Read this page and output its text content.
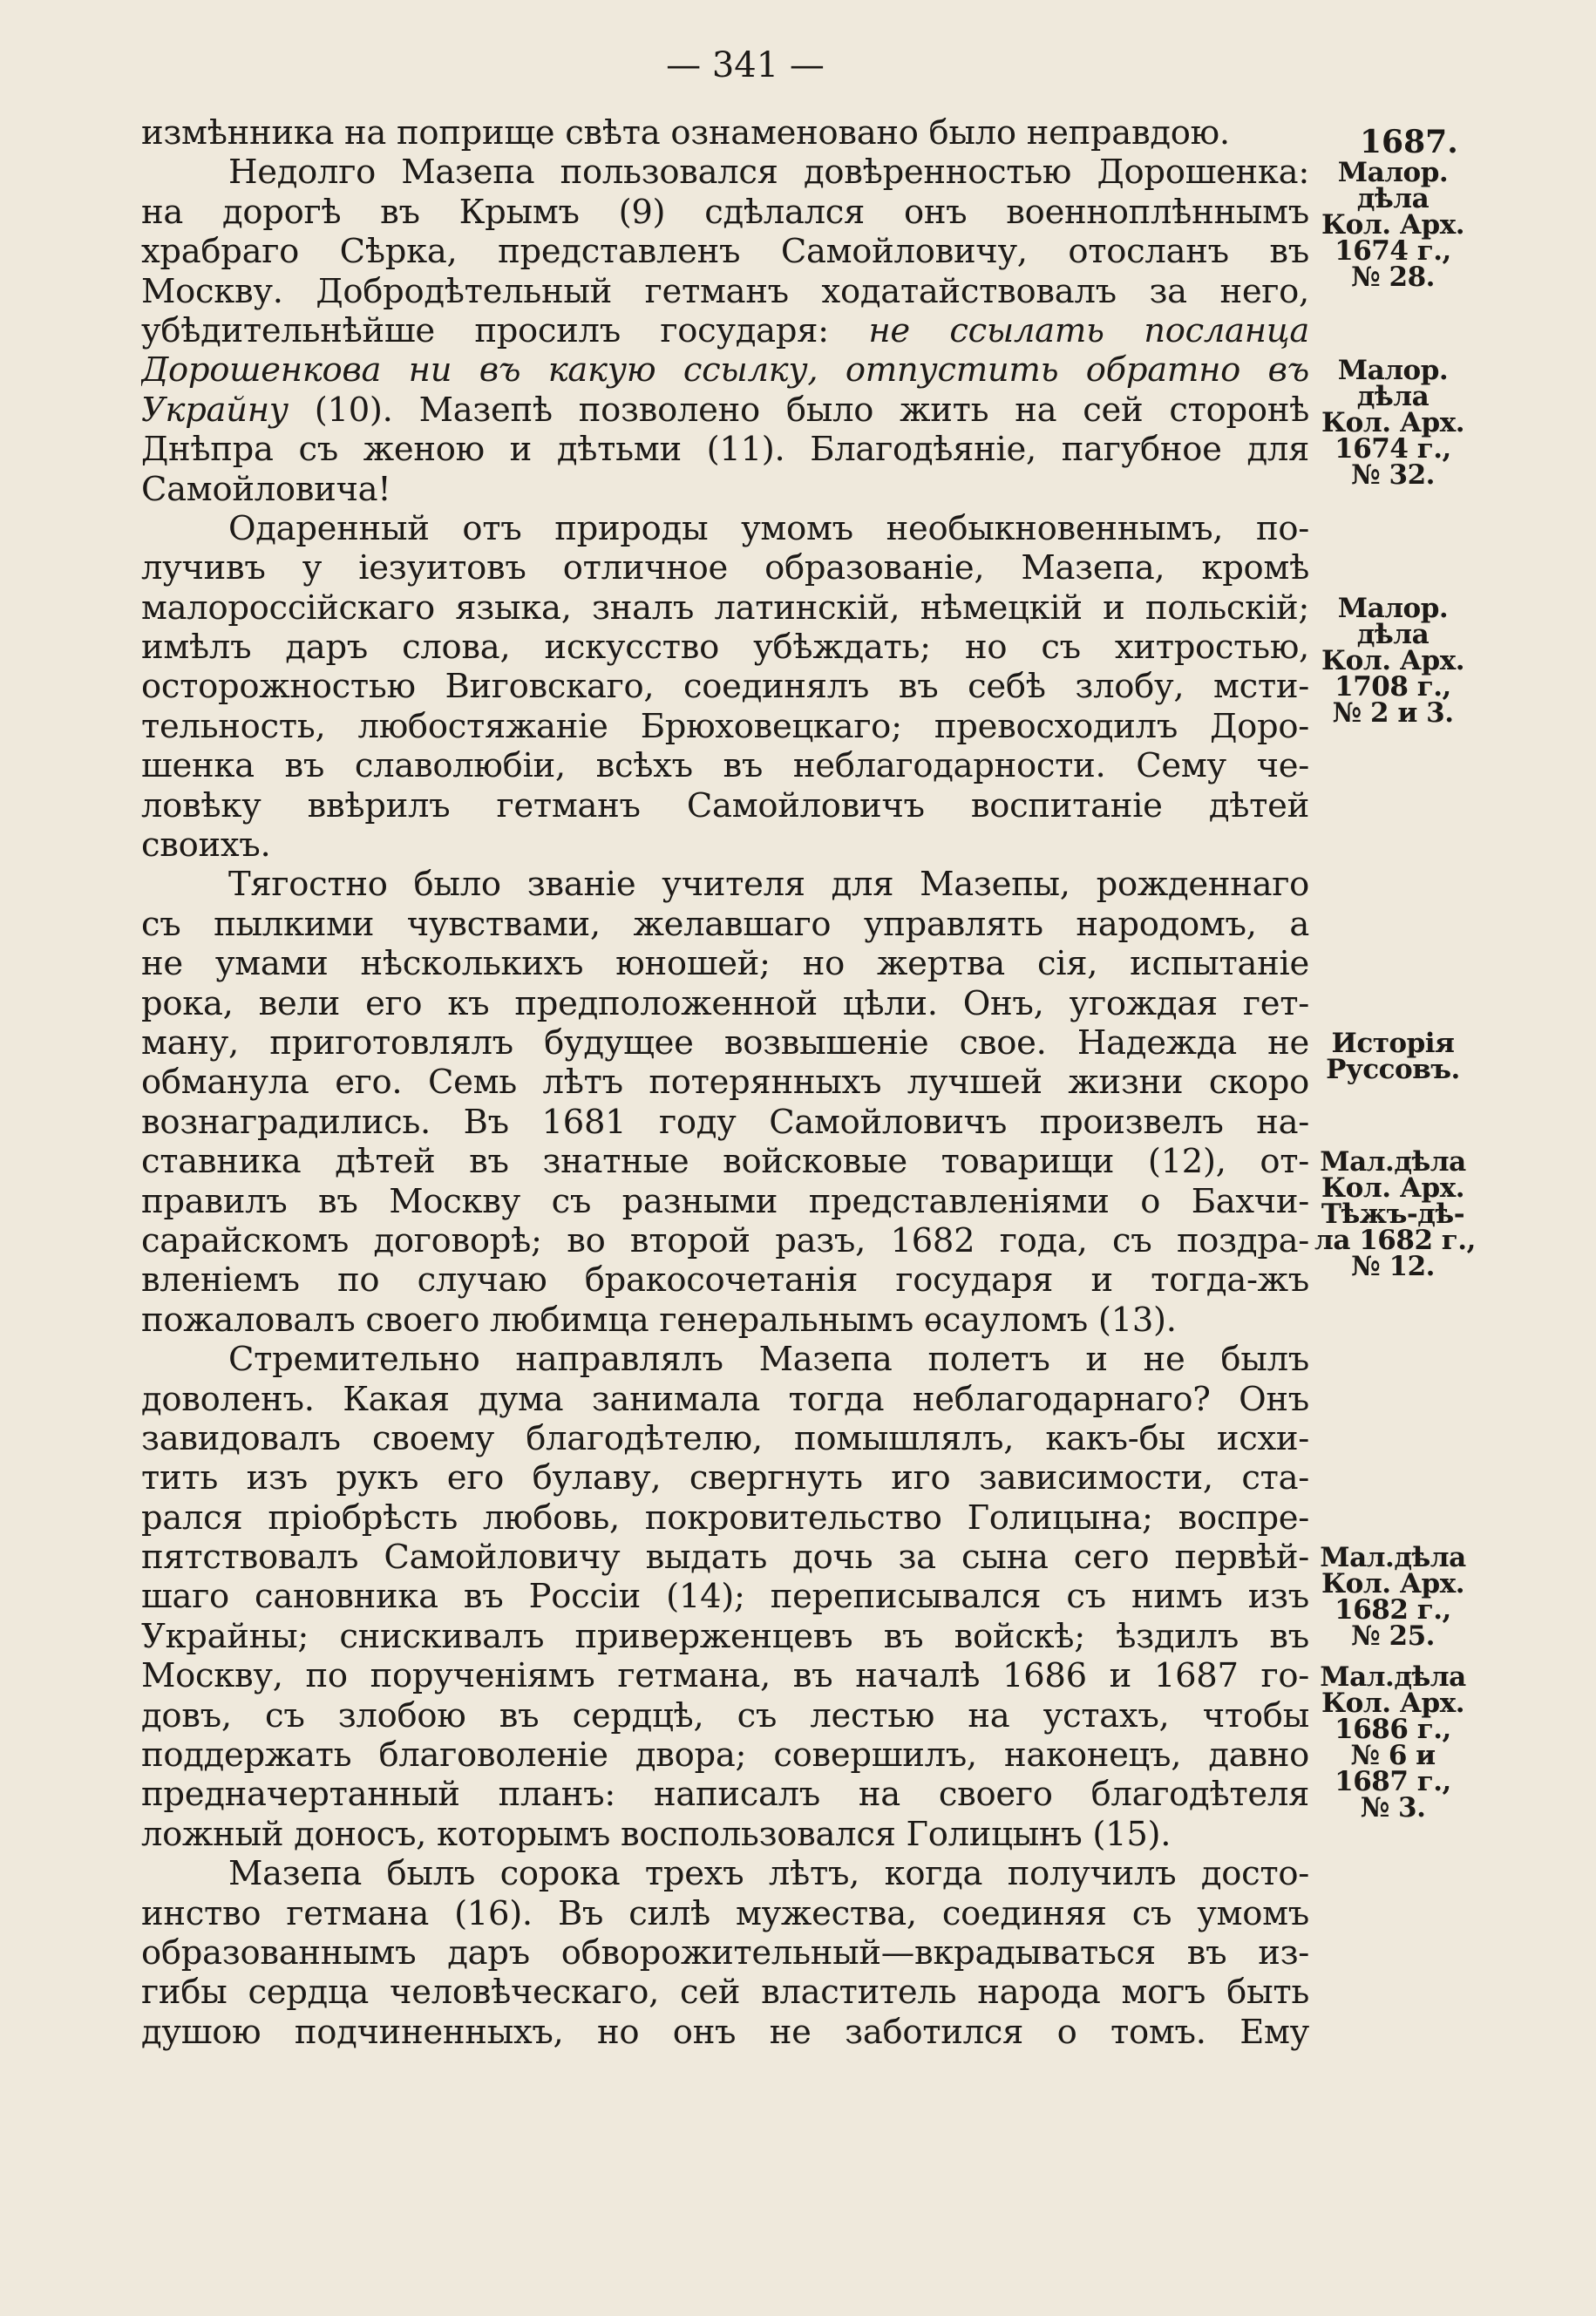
— 341 —
1687.
измѣнника на поприще свѣта ознаменовано было неправдою.
Недолго Мазепа пользовался довѣренностью Дорошенка:
на дорогѣ въ Крымъ (9) сдѣлался онъ военноплѣннымъ
храбраго Сѣрка, представленъ Самойловичу, отосланъ въ
Москву. Добродѣтельный гетманъ ходатайствовалъ за него,
убѣдительнѣйше просилъ государя: не ссылать посланца
Дорошенкова ни въ какую ссылку, отпустить обратно въ
Украйну (10). Мазепѣ позволено было жить на сей сторонѣ
Днѣпра съ женою и дѣтьми (11). Благодѣяніе, пагубное для
Самойловича!
Одаренный отъ природы умомъ необыкновеннымъ, по-
лучивъ у іезуитовъ отличное образованіе, Мазепа, кромѣ
малороссійскаго языка, зналъ латинскій, нѣмецкій и польскій;
имѣлъ даръ слова, искусство убѣждать; но съ хитростью,
осторожностью Виговскаго, соединялъ въ себѣ злобу, мсти-
тельность, любостяжаніе Брюховецкаго; превосходилъ Доро-
шенка въ славолюбіи, всѣхъ въ неблагодарности. Сему че-
ловѣку ввѣрилъ гетманъ Самойловичъ воспитаніе дѣтей
своихъ.
Тягостно было званіе учителя для Мазепы, рожденнаго
съ пылкими чувствами, желавшаго управлять народомъ, а
не умами нѣсколькихъ юношей; но жертва сія, испытаніе
рока, вели его къ предположенной цѣли. Онъ, угождая гет-
ману, приготовлялъ будущее возвышеніе свое. Надежда не
обманула его. Семь лѣтъ потерянныхъ лучшей жизни скоро
вознаградились. Въ 1681 году Самойловичъ произвелъ на-
ставника дѣтей въ знатные войсковые товарищи (12), от-
правилъ въ Москву съ разными представленіями о Бахчи-
сарайскомъ договорѣ; во второй разъ, 1682 года, съ поздра-
вленіемъ по случаю бракосочетанія государя и тогда-жъ
пожаловалъ своего любимца генеральнымъ ѳсауломъ (13).
Стремительно направлялъ Мазепа полетъ и не былъ
доволенъ. Какая дума занимала тогда неблагодарнаго? Онъ
завидовалъ своему благодѣтелю, помышлялъ, какъ-бы исхи-
тить изъ рукъ его булаву, свергнуть иго зависимости, ста-
рался пріобрѣсть любовь, покровительство Голицына; воспре-
пятствовалъ Самойловичу выдать дочь за сына сего первѣй-
шаго сановника въ Россіи (14); переписывался съ нимъ изъ
Украйны; снискивалъ приверженцевъ въ войскѣ; ѣздилъ въ
Москву, по порученіямъ гетмана, въ началѣ 1686 и 1687 го-
довъ, съ злобою въ сердцѣ, съ лестью на устахъ, чтобы
поддержать благоволеніе двора; совершилъ, наконецъ, давно
предначертанный планъ: написалъ на своего благодѣтеля
ложный доносъ, которымъ воспользовался Голицынъ (15).
Мазепа былъ сорока трехъ лѣтъ, когда получилъ досто-
инство гетмана (16). Въ силѣ мужества, соединяя съ умомъ
образованнымъ даръ обворожительный—вкрадываться въ из-
гибы сердца человѣческаго, сей властитель народа могъ быть
душою подчиненныхъ, но онъ не заботился о томъ. Ему
Малор.
дѣла
Кол. Арх.
1674 г.,
№ 28.
Малор.
дѣла
Кол. Арх.
1674 г.,
№ 32.
Малор.
дѣла
Кол. Арх.
1708 г.,
№ 2 и 3.
Исторія
Руссовъ.
Мал.дѣла
Кол. Арх.
Тѣжъ-дѣ-
ла 1682 г.,
№ 12.
Мал.дѣла
Кол. Арх.
1682 г.,
№ 25.
Мал.дѣла
Кол. Арх.
1686 г.,
№ 6 и
1687 г.,
№ 3.
